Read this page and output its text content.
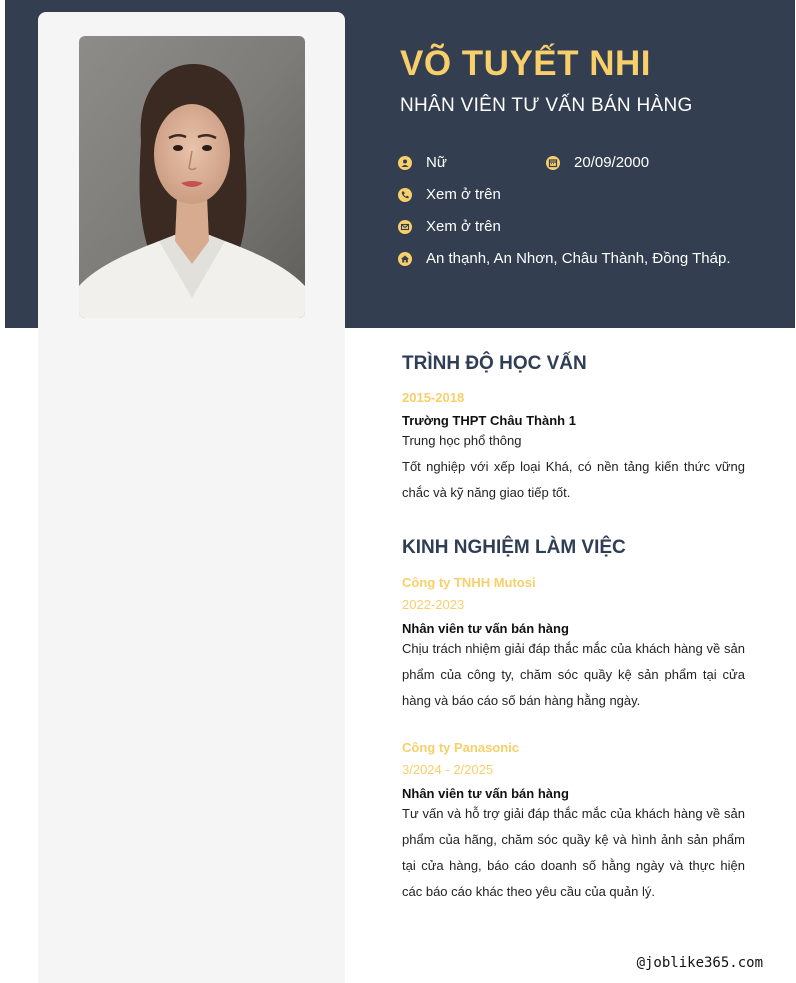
VÕ TUYẾT NHI
NHÂN VIÊN TƯ VẤN BÁN HÀNG
Nữ	20/09/2000
Xem ở trên
Xem ở trên
An thạnh, An Nhơn, Châu Thành, Đồng Tháp.
TRÌNH ĐỘ HỌC VẤN
2015-2018
Trường THPT Châu Thành 1
Trung học phổ thông
Tốt nghiệp với xếp loại Khá, có nền tảng kiến thức vững chắc và kỹ năng giao tiếp tốt.
KINH NGHIỆM LÀM VIỆC
Công ty TNHH Mutosi
2022-2023
Nhân viên tư vấn bán hàng
Chịu trách nhiệm giải đáp thắc mắc của khách hàng về sản phẩm của công ty, chăm sóc quầy kệ sản phẩm tại cửa hàng và báo cáo số bán hàng hằng ngày.
Công ty Panasonic
3/2024 - 2/2025
Nhân viên tư vấn bán hàng
Tư vấn và hỗ trợ giải đáp thắc mắc của khách hàng về sản phẩm của hãng, chăm sóc quầy kệ và hình ảnh sản phẩm tại cửa hàng, báo cáo doanh số hằng ngày và thực hiện các báo cáo khác theo yêu cầu của quản lý.
@joblike365.com
